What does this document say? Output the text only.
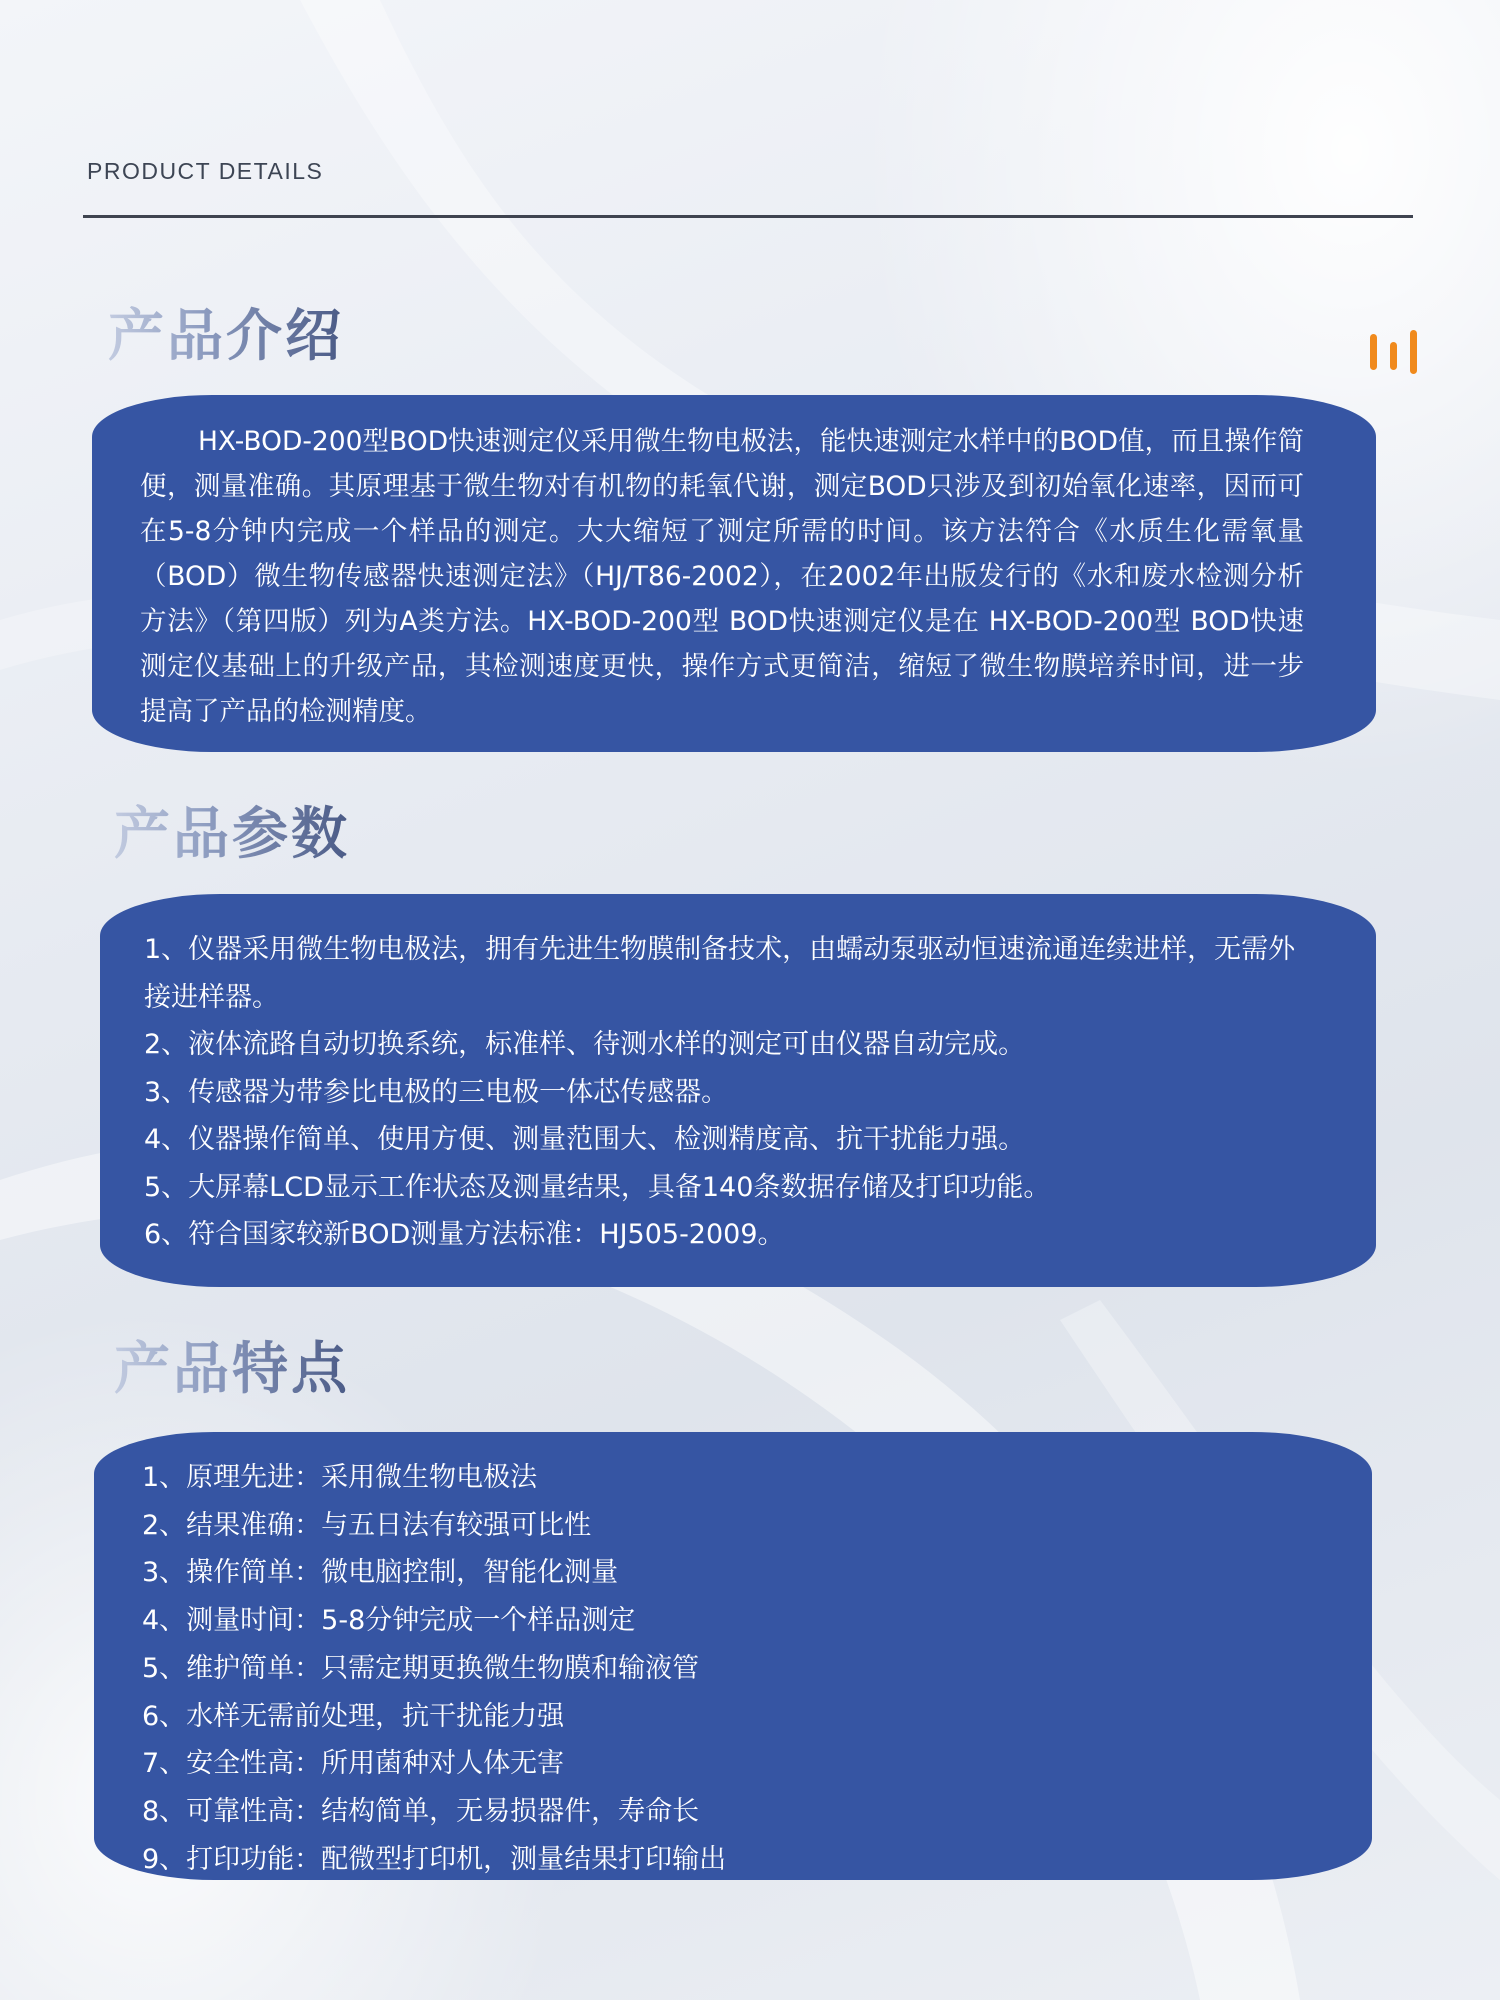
PRODUCT DETAILS
产品介绍

HX-BOD-200型BOD快速测定仪采用微生物电极法，能快速测定水样中的BOD值，而且操作简便，测量准确。其原理基于微生物对有机物的耗氧代谢，测定BOD只涉及到初始氧化速率，因而可在5-8分钟内完成一个样品的测定。大大缩短了测定所需的时间。该方法符合《水质生化需氧量（BOD）微生物传感器快速测定法》（HJ/T86-2002），在2002年出版发行的《水和废水检测分析方法》（第四版）列为A类方法。HX-BOD-200型 BOD快速测定仪是在 HX-BOD-200型 BOD快速测定仪基础上的升级产品，其检测速度更快，操作方式更简洁，缩短了微生物膜培养时间，进一步提高了产品的检测精度。

产品参数
1、仪器采用微生物电极法，拥有先进生物膜制备技术，由蠕动泵驱动恒速流通连续进样，无需外接进样器。
2、液体流路自动切换系统，标准样、待测水样的测定可由仪器自动完成。
3、传感器为带参比电极的三电极一体芯传感器。
4、仪器操作简单、使用方便、测量范围大、检测精度高、抗干扰能力强。
5、大屏幕LCD显示工作状态及测量结果，具备140条数据存储及打印功能。
6、符合国家较新BOD测量方法标准：HJ505-2009。
产品特点
1、原理先进：采用微生物电极法
2、结果准确：与五日法有较强可比性
3、操作简单：微电脑控制，智能化测量
4、测量时间：5-8分钟完成一个样品测定
5、维护简单：只需定期更换微生物膜和输液管
6、水样无需前处理，抗干扰能力强
7、安全性高：所用菌种对人体无害
8、可靠性高：结构简单，无易损器件，寿命长
9、打印功能：配微型打印机，测量结果打印输出
